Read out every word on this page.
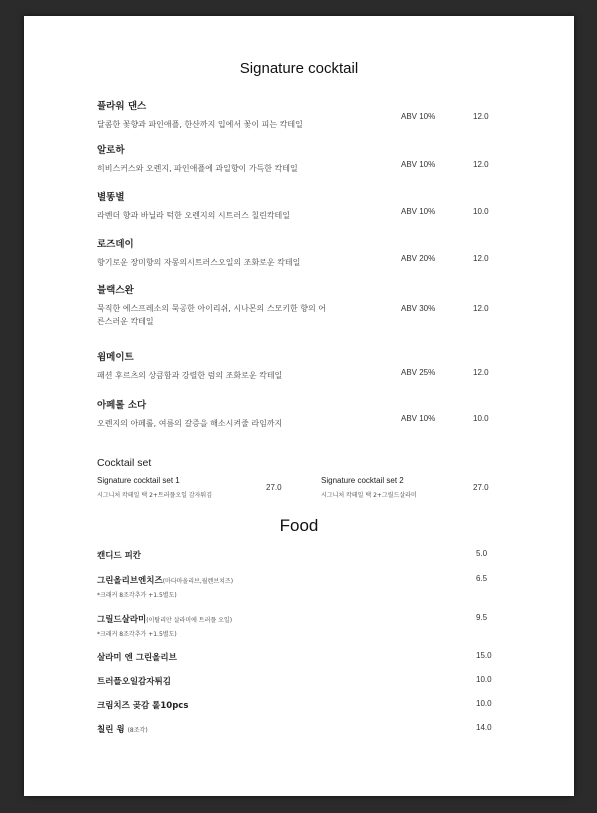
Signature cocktail
플라워 댄스
달콤한 꽃향과 파인애플, 한산까지 입에서 꽃이 피는 칵테일
ABV 10%	12.0
알로하
히비스커스와 오렌지, 파인애플에 과일향이 가득한 칵테일	ABV 10%	12.0
별똥별
라벤더 향과 바닐라 턱한 오렌지의 시트러스 칠린칵테일	ABV 10%	10.0
로즈데이
향기로운 장미향의 자몽의시트러스오일의 조화로운 칵테일	ABV 20%	12.0
블랙스완
묵직한 에스프레소의 묵공한 아이리쉬, 시나몬의 스모키한 향의 어른스러운 칵테일
ABV 30%	12.0
윔메이트
패션 후르츠의 상큼함과 강렬한 럼의 조화로운 칵테일	ABV 25%	12.0
아페롤 소다
오렌지의 아페롤, 여름의 갈증을 해소시켜줄 라임까지
ABV 10%	10.0
Cocktail set
Signature cocktail set 1
시그니처 칵테일 택 2+트러플오일 감자튀김
27.0
Signature cocktail set 2
시그니처 칵테일 택 2+그릴드살라미
27.0
Food
캔디드 피칸	5.0
그린올리브엔치즈(마다마올리브,월렌브치즈)
*크래커 8조각추가 +1.5별도)
6.5
그릴드살라미(이탈리안 살라미에 트러플 오일)
*크래커 8조각추가 +1.5별도)
9.5
살라미 엔 그린올리브	15.0
트러플오일감자튀김	10.0
크림치즈 곶감 롤10pcs	10.0
칠린 윙 (8조각)	14.0
